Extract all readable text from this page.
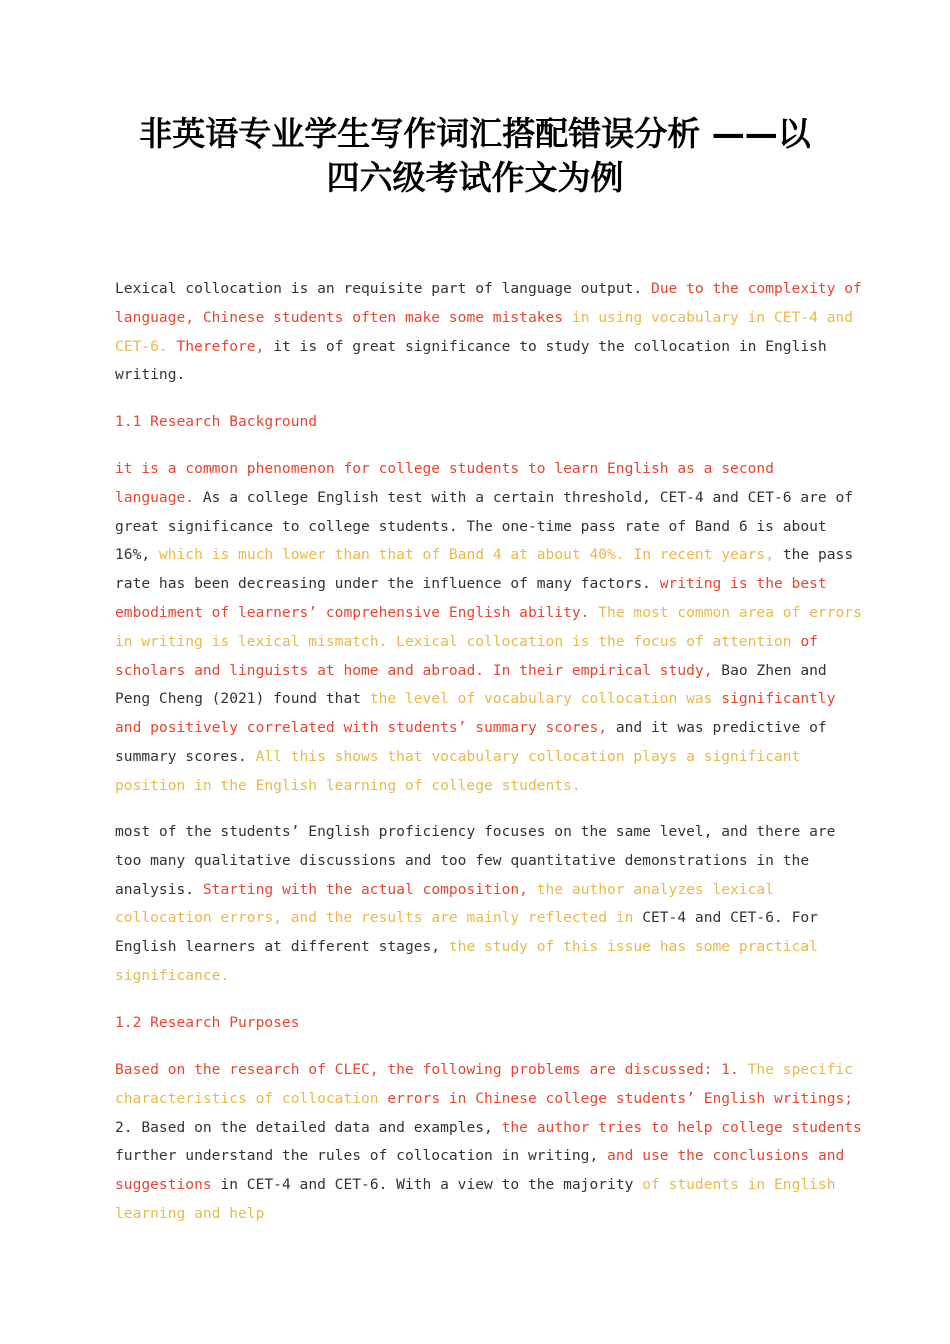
非英语专业学生写作词汇搭配错误分析 ——以
四六级考试作文为例

Lexical collocation is an requisite part of language output. Due to the complexity of
language, Chinese students often make some mistakes in using vocabulary in CET-4 and
CET-6. Therefore, it is of great significance to study the collocation in English
writing.

1.1 Research Background

it is a common phenomenon for college students to learn English as a second
language. As a college English test with a certain threshold, CET-4 and CET-6 are of
great significance to college students. The one-time pass rate of Band 6 is about
16%, which is much lower than that of Band 4 at about 40%. In recent years, the pass
rate has been decreasing under the influence of many factors. writing is the best
embodiment of learners’ comprehensive English ability. The most common area of errors
in writing is lexical mismatch. Lexical collocation is the focus of attention of
scholars and linguists at home and abroad. In their empirical study, Bao Zhen and
Peng Cheng (2021) found that the level of vocabulary collocation was significantly
and positively correlated with students’ summary scores, and it was predictive of
summary scores. All this shows that vocabulary collocation plays a significant
position in the English learning of college students.

most of the students’ English proficiency focuses on the same level, and there are
too many qualitative discussions and too few quantitative demonstrations in the
analysis. Starting with the actual composition, the author analyzes lexical
collocation errors, and the results are mainly reflected in CET-4 and CET-6. For
English learners at different stages, the study of this issue has some practical
significance.

1.2 Research Purposes

Based on the research of CLEC, the following problems are discussed: 1. The specific
characteristics of collocation errors in Chinese college students’ English writings;
2. Based on the detailed data and examples, the author tries to help college students
further understand the rules of collocation in writing, and use the conclusions and
suggestions in CET-4 and CET-6. With a view to the majority of students in English
learning and help
